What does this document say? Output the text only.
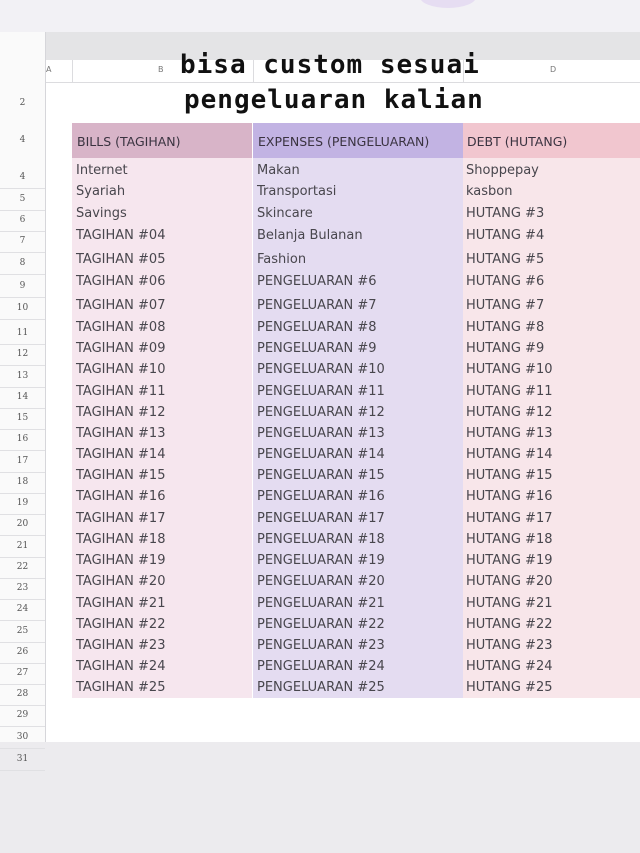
A	B	D
2
4
4
5
6
7
8
9
10
11
12
13
14
15
16
17
18
19
20
21
22
23
24
25
26
27
28
29
30
31
bisa custom sesuai
pengeluaran kalian
BILLS (TAGIHAN)	EXPENSES (PENGELUARAN)	DEBT (HUTANG)
Internet	Makan	Shoppepay
Syariah	Transportasi	kasbon
Savings	Skincare	HUTANG #3
TAGIHAN #04	Belanja Bulanan	HUTANG #4
TAGIHAN #05	Fashion	HUTANG #5
TAGIHAN #06	PENGELUARAN #6	HUTANG #6
TAGIHAN #07	PENGELUARAN #7	HUTANG #7
TAGIHAN #08	PENGELUARAN #8	HUTANG #8
TAGIHAN #09	PENGELUARAN #9	HUTANG #9
TAGIHAN #10	PENGELUARAN #10	HUTANG #10
TAGIHAN #11	PENGELUARAN #11	HUTANG #11
TAGIHAN #12	PENGELUARAN #12	HUTANG #12
TAGIHAN #13	PENGELUARAN #13	HUTANG #13
TAGIHAN #14	PENGELUARAN #14	HUTANG #14
TAGIHAN #15	PENGELUARAN #15	HUTANG #15
TAGIHAN #16	PENGELUARAN #16	HUTANG #16
TAGIHAN #17	PENGELUARAN #17	HUTANG #17
TAGIHAN #18	PENGELUARAN #18	HUTANG #18
TAGIHAN #19	PENGELUARAN #19	HUTANG #19
TAGIHAN #20	PENGELUARAN #20	HUTANG #20
TAGIHAN #21	PENGELUARAN #21	HUTANG #21
TAGIHAN #22	PENGELUARAN #22	HUTANG #22
TAGIHAN #23	PENGELUARAN #23	HUTANG #23
TAGIHAN #24	PENGELUARAN #24	HUTANG #24
TAGIHAN #25	PENGELUARAN #25	HUTANG #25
